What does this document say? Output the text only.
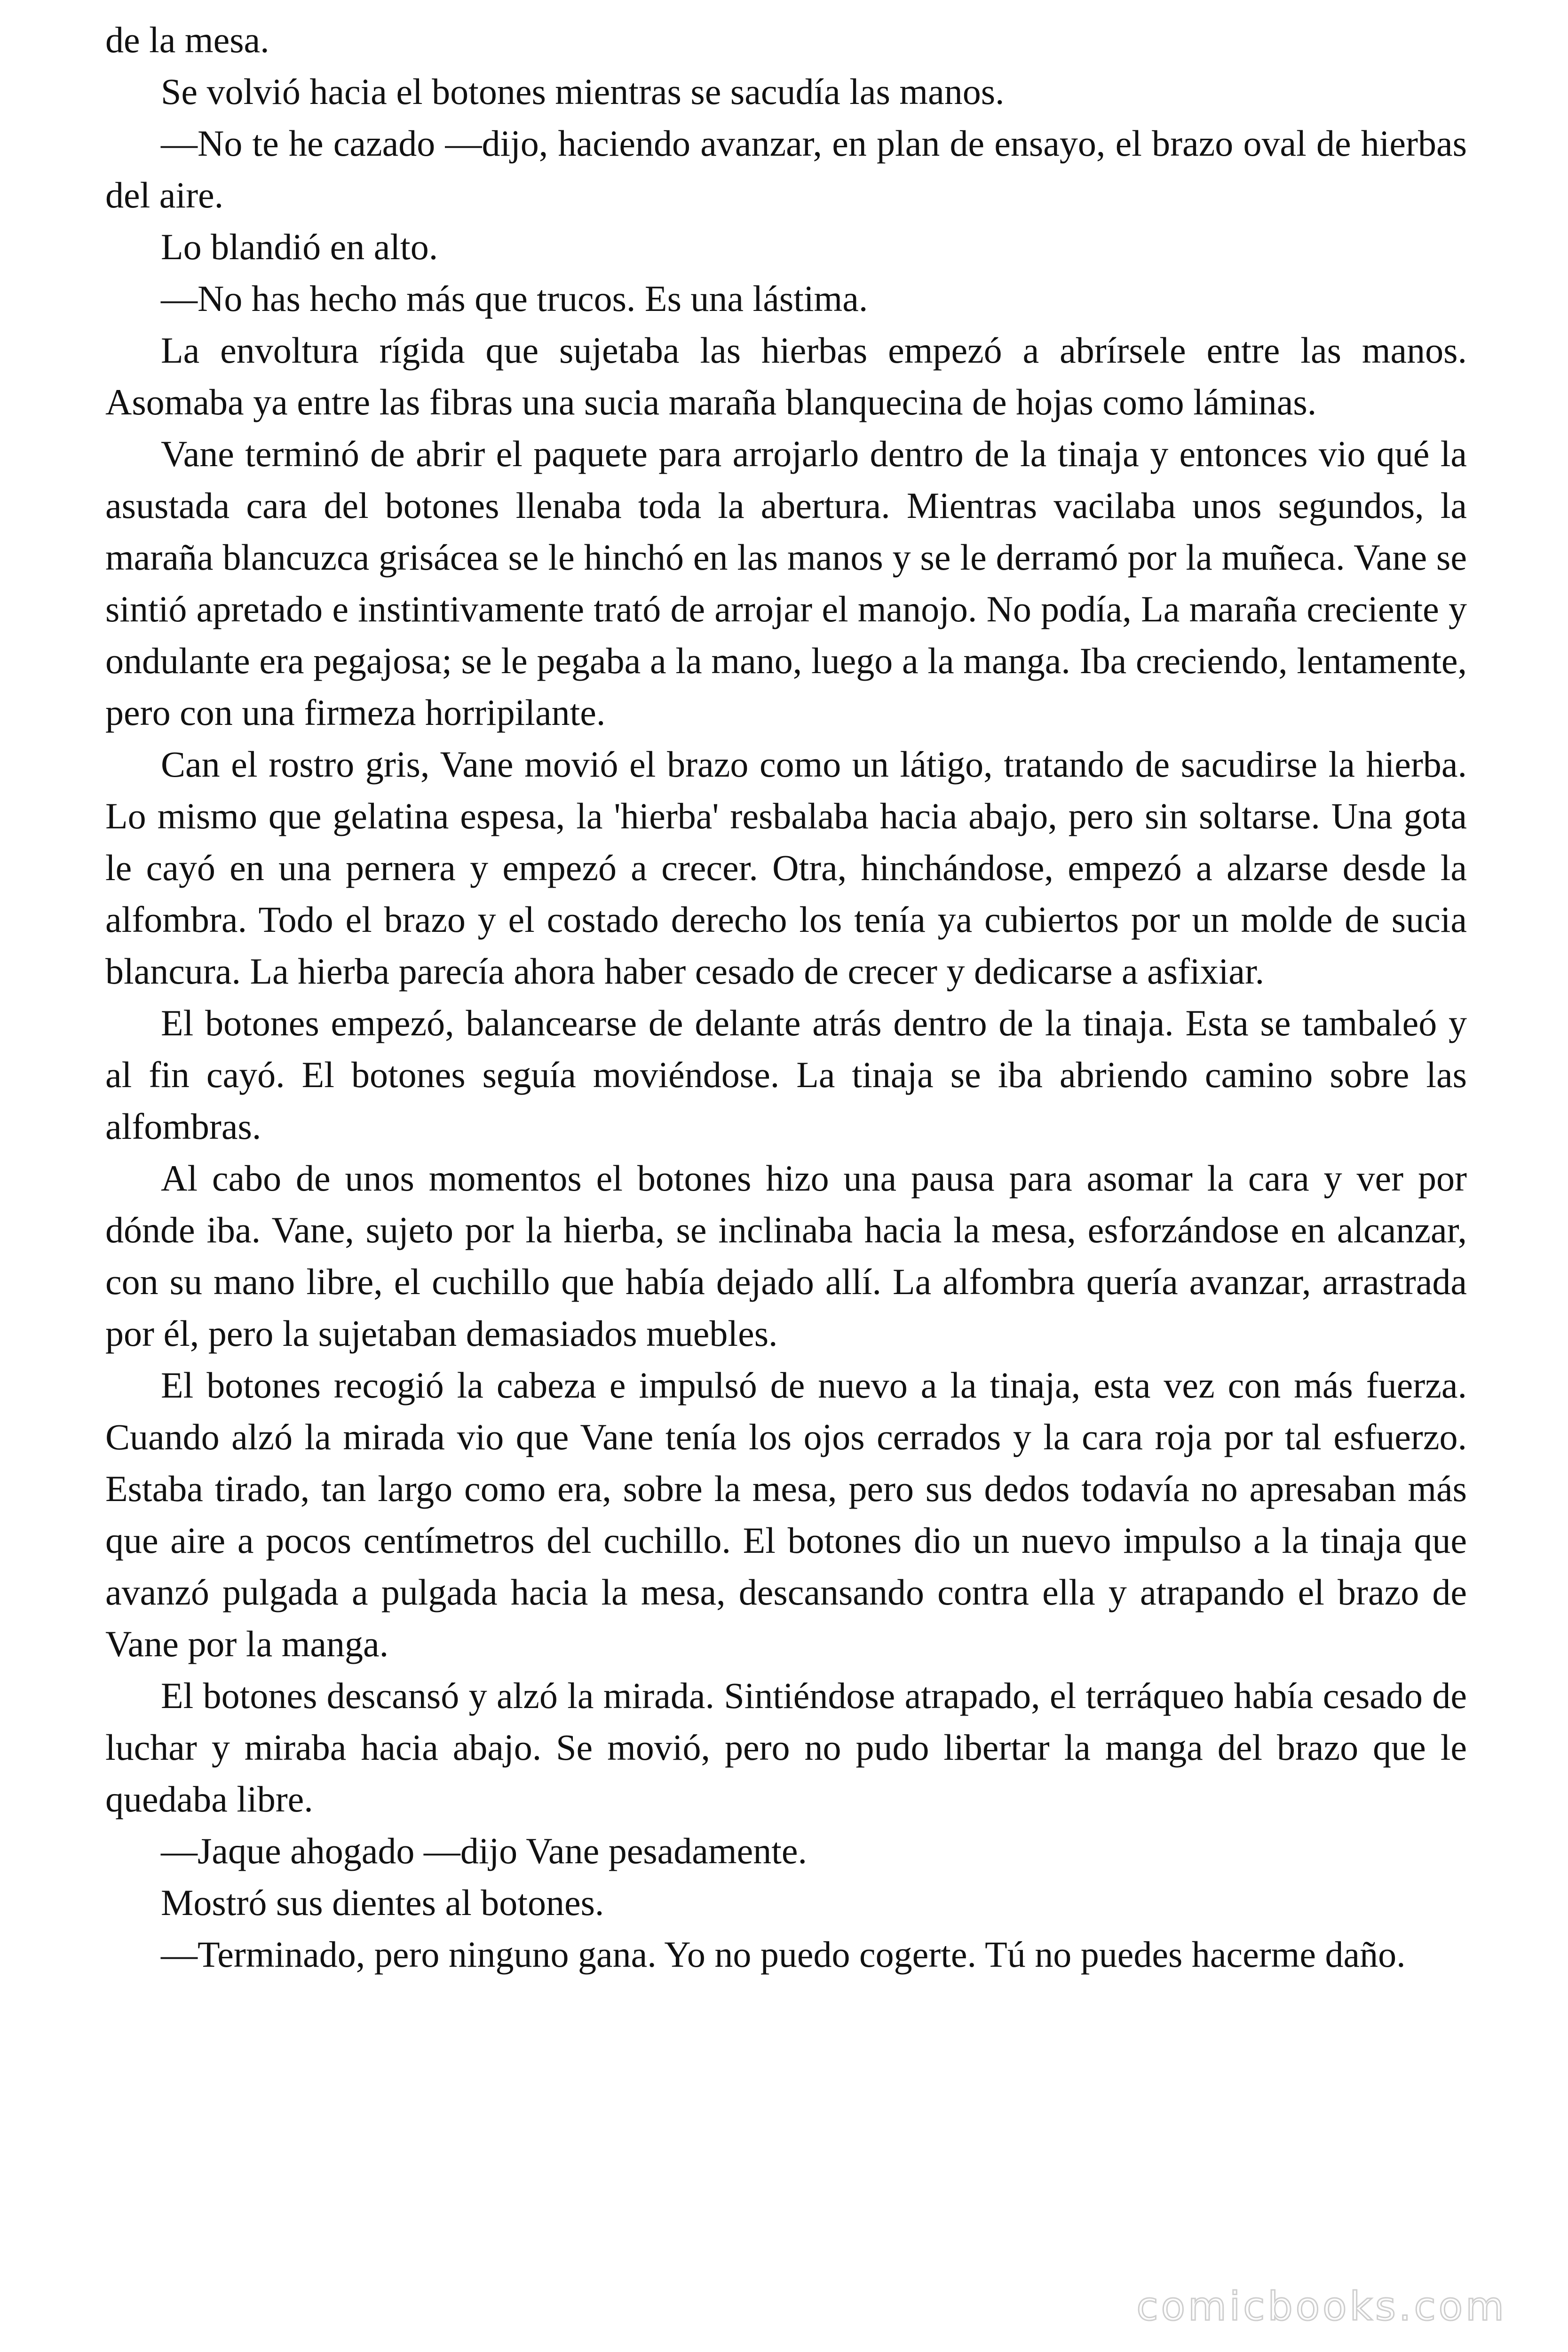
de la mesa.

Se volvió hacia el botones mientras se sacudía las manos.

—No te he cazado —dijo, haciendo avanzar, en plan de ensayo, el brazo oval de hierbas del aire.

Lo blandió en alto.

—No has hecho más que trucos. Es una lástima.

La envoltura rígida que sujetaba las hierbas empezó a abrírsele entre las manos. Asomaba ya entre las fibras una sucia maraña blanquecina de hojas como láminas.

Vane terminó de abrir el paquete para arrojarlo dentro de la tinaja y entonces vio qué la asustada cara del botones llenaba toda la abertura. Mientras vacilaba unos segundos, la maraña blancuzca grisácea se le hinchó en las manos y se le derramó por la muñeca. Vane se sintió apretado e instintivamente trató de arrojar el manojo. No podía, La maraña creciente y ondulante era pegajosa; se le pegaba a la mano, luego a la manga. Iba creciendo, lentamente, pero con una firmeza horripilante.

Can el rostro gris, Vane movió el brazo como un látigo, tratando de sacudirse la hierba. Lo mismo que gelatina espesa, la 'hierba' resbalaba hacia abajo, pero sin soltarse. Una gota le cayó en una pernera y empezó a crecer. Otra, hinchándose, empezó a alzarse desde la alfombra. Todo el brazo y el costado derecho los tenía ya cubiertos por un molde de sucia blancura. La hierba parecía ahora haber cesado de crecer y dedicarse a asfixiar.

El botones empezó, balancearse de delante atrás dentro de la tinaja. Esta se tambaleó y al fin cayó. El botones seguía moviéndose. La tinaja se iba abriendo camino sobre las alfombras.

Al cabo de unos momentos el botones hizo una pausa para asomar la cara y ver por dónde iba. Vane, sujeto por la hierba, se inclinaba hacia la mesa, esforzándose en alcanzar, con su mano libre, el cuchillo que había dejado allí. La alfombra quería avanzar, arrastrada por él, pero la sujetaban demasiados muebles.

El botones recogió la cabeza e impulsó de nuevo a la tinaja, esta vez con más fuerza. Cuando alzó la mirada vio que Vane tenía los ojos cerrados y la cara roja por tal esfuerzo. Estaba tirado, tan largo como era, sobre la mesa, pero sus dedos todavía no apresaban más que aire a pocos centímetros del cuchillo. El botones dio un nuevo impulso a la tinaja que avanzó pulgada a pulgada hacia la mesa, descansando contra ella y atrapando el brazo de Vane por la manga.

El botones descansó y alzó la mirada. Sintiéndose atrapado, el terráqueo había cesado de luchar y miraba hacia abajo. Se movió, pero no pudo libertar la manga del brazo que le quedaba libre.

—Jaque ahogado —dijo Vane pesadamente.

Mostró sus dientes al botones.

—Terminado, pero ninguno gana. Yo no puedo cogerte. Tú no puedes hacerme daño.

comicbooks.com
